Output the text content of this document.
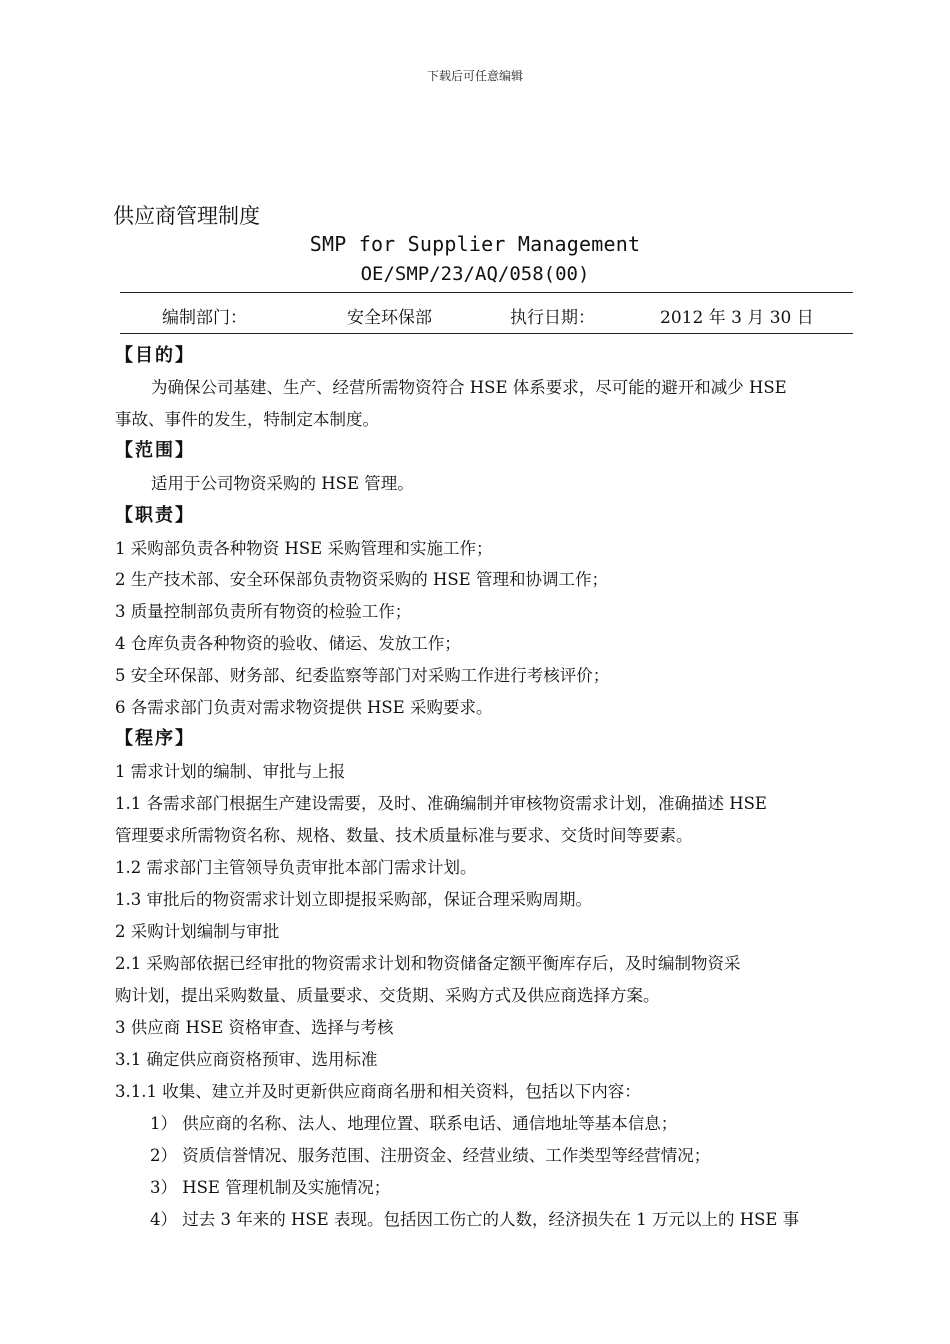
下载后可任意编辑
供应商管理制度
SMP for Supplier Management
OE/SMP/23/AQ/058(00)
编制部门：	安全环保部	执行日期：	2012 年 3 月 30 日
【目的】
为确保公司基建、生产、经营所需物资符合 HSE 体系要求，尽可能的避开和减少 HSE
事故、事件的发生，特制定本制度。
【范围】
适用于公司物资采购的 HSE 管理。
【职责】
1 采购部负责各种物资 HSE 采购管理和实施工作；
2 生产技术部、安全环保部负责物资采购的 HSE 管理和协调工作；
3 质量控制部负责所有物资的检验工作；
4 仓库负责各种物资的验收、储运、发放工作；
5 安全环保部、财务部、纪委监察等部门对采购工作进行考核评价；
6 各需求部门负责对需求物资提供 HSE 采购要求。
【程序】
1 需求计划的编制、审批与上报
1.1 各需求部门根据生产建设需要，及时、准确编制并审核物资需求计划，准确描述 HSE
管理要求所需物资名称、规格、数量、技术质量标准与要求、交货时间等要素。
1.2 需求部门主管领导负责审批本部门需求计划。
1.3 审批后的物资需求计划立即提报采购部，保证合理采购周期。
2 采购计划编制与审批
2.1 采购部依据已经审批的物资需求计划和物资储备定额平衡库存后，及时编制物资采
购计划，提出采购数量、质量要求、交货期、采购方式及供应商选择方案。
3 供应商 HSE 资格审查、选择与考核
3.1 确定供应商资格预审、选用标准
3.1.1 收集、建立并及时更新供应商商名册和相关资料，包括以下内容：
1） 供应商的名称、法人、地理位置、联系电话、通信地址等基本信息；
2） 资质信誉情况、服务范围、注册资金、经营业绩、工作类型等经营情况；
3） HSE 管理机制及实施情况；
4） 过去 3 年来的 HSE 表现。包括因工伤亡的人数，经济损失在 1 万元以上的 HSE 事
